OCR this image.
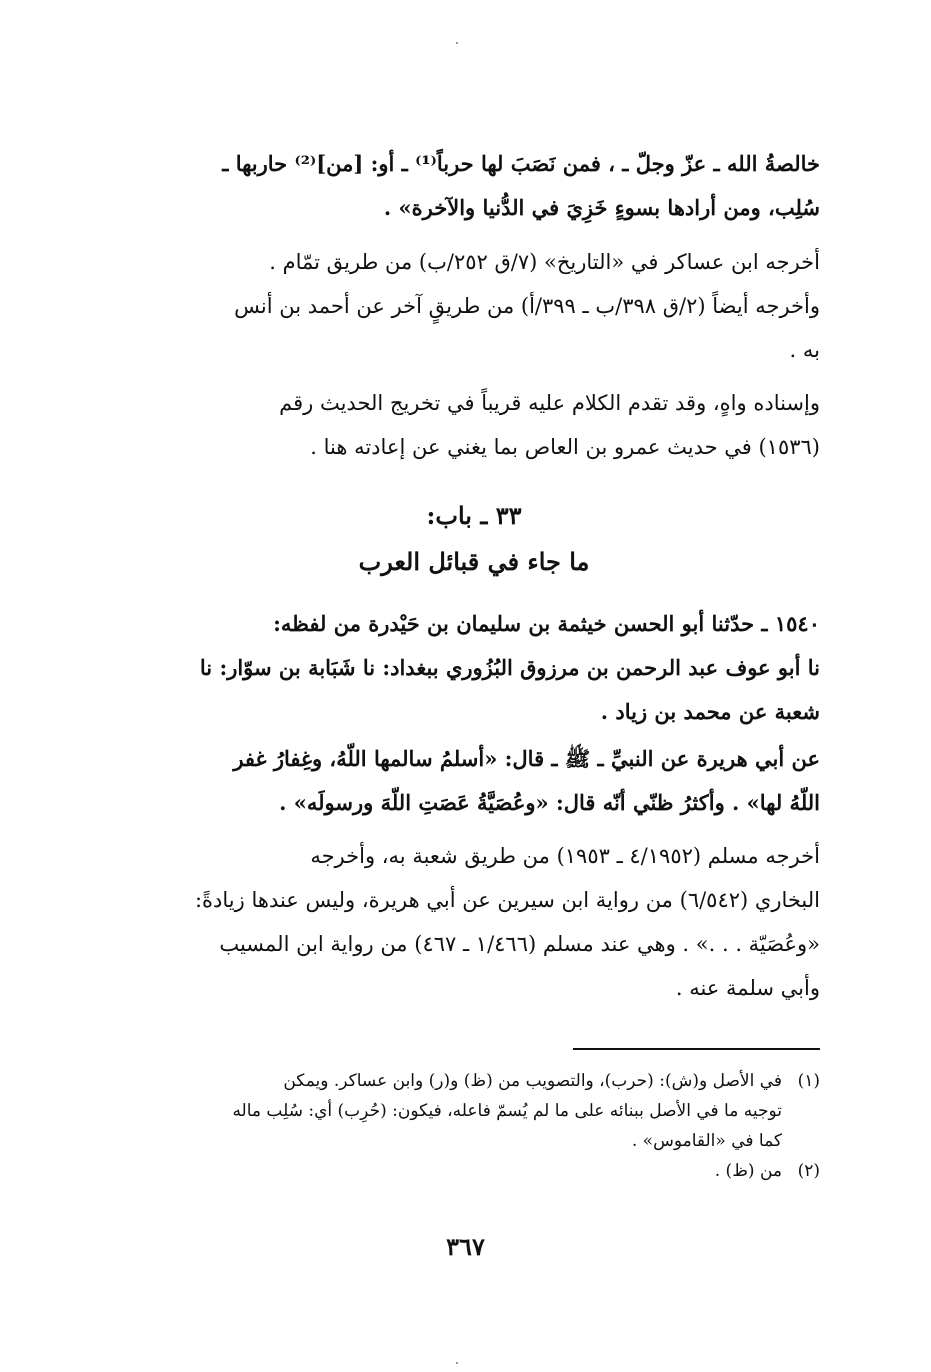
خالصةُ الله ـ عزّ وجلّ ـ ، فمن نَصَبَ لها حرباً⁽¹⁾ ـ أو: [من]⁽²⁾ حاربها ـ
سُلِب، ومن أرادها بسوءٍ خَزِيَ في الدُّنيا والآخرة» .

أخرجه ابن عساكر في «التاريخ» (٧/ق ٢٥٢/ب) من طريق تمّام .
وأخرجه أيضاً (٢/ق ٣٩٨/ب ـ ٣٩٩/أ) من طريقٍ آخر عن أحمد بن أنس
به .

وإسناده واهٍ، وقد تقدم الكلام عليه قريباً في تخريج الحديث رقم
(١٥٣٦) في حديث عمرو بن العاص بما يغني عن إعادته هنا .

٣٣ ـ باب:
ما جاء في قبائل العرب

١٥٤٠ ـ حدّثنا أبو الحسن خيثمة بن سليمان بن حَيْدرة من لفظه:
نا أبو عوف عبد الرحمن بن مرزوق البُزُوري ببغداد: نا شَبَابة بن سوّار: نا
شعبة عن محمد بن زياد .

عن أبي هريرة عن النبيِّ ـ ﷺ ـ قال: «أسلمُ سالمها اللّهُ، وغِفارُ غفر
اللّهُ لها» . وأكثرُ ظنّي أنّه قال: «وعُصَيَّةُ عَصَتِ اللّهَ ورسولَه» .

أخرجه مسلم (٤/١٩٥٢ ـ ١٩٥٣) من طريق شعبة به، وأخرجه
البخاري (٦/٥٤٢) من رواية ابن سيرين عن أبي هريرة، وليس عندها زيادةً:
«وعُصَيّة . . .» . وهي عند مسلم (١/٤٦٦ ـ ٤٦٧) من رواية ابن المسيب
وأبي سلمة عنه .

(١)
في الأصل و(ش): (حرب)، والتصويب من (ظ) و(ر) وابن عساكر. ويمكن
توجيه ما في الأصل ببنائه على ما لم يُسمّ فاعله، فيكون: (حُرِب) أي: سُلِب ماله
كما في «القاموس» .
(٢)
من (ظ) .
٣٦٧
